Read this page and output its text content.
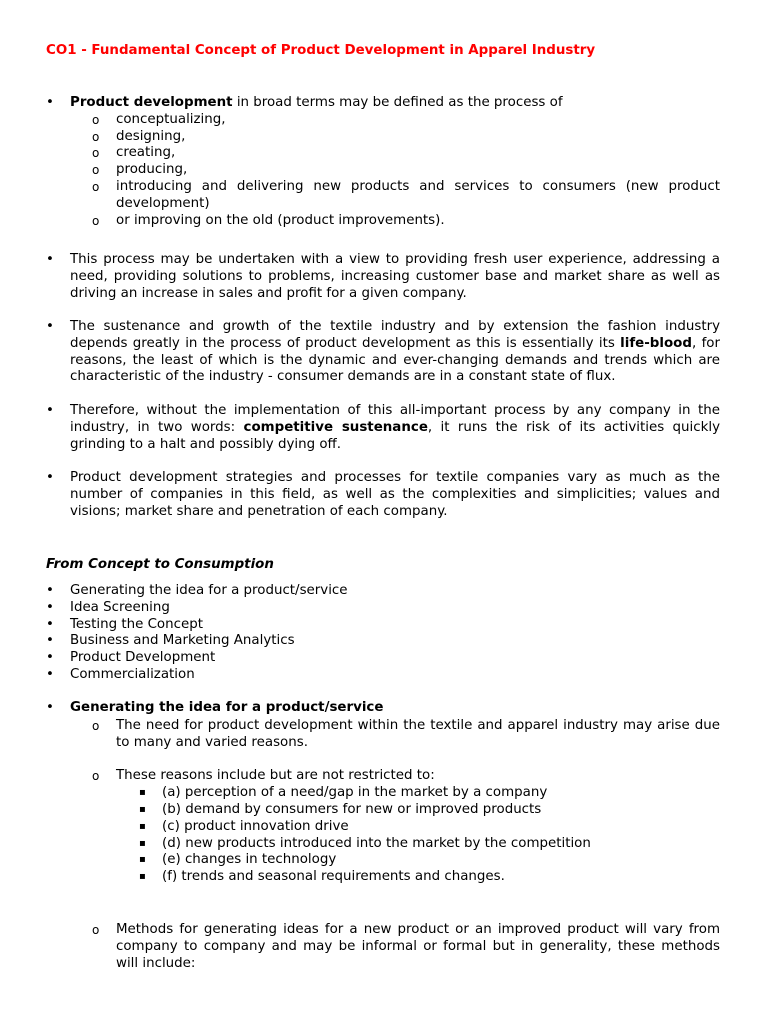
CO1 - Fundamental Concept of Product Development in Apparel Industry
• Product development in broad terms may be defined as the process of
o conceptualizing,
o designing,
o creating,
o producing,
o introducing and delivering new products and services to consumers (new product development)
o or improving on the old (product improvements).
• This process may be undertaken with a view to providing fresh user experience, addressing a need, providing solutions to problems, increasing customer base and market share as well as driving an increase in sales and profit for a given company.
• The sustenance and growth of the textile industry and by extension the fashion industry depends greatly in the process of product development as this is essentially its life-blood, for reasons, the least of which is the dynamic and ever-changing demands and trends which are characteristic of the industry - consumer demands are in a constant state of flux.
• Therefore, without the implementation of this all-important process by any company in the industry, in two words: competitive sustenance, it runs the risk of its activities quickly grinding to a halt and possibly dying off.
• Product development strategies and processes for textile companies vary as much as the number of companies in this field, as well as the complexities and simplicities; values and visions; market share and penetration of each company.
From Concept to Consumption
• Generating the idea for a product/service
• Idea Screening
• Testing the Concept
• Business and Marketing Analytics
• Product Development
• Commercialization
• Generating the idea for a product/service
o The need for product development within the textile and apparel industry may arise due to many and varied reasons.
o These reasons include but are not restricted to:
▪ (a) perception of a need/gap in the market by a company
▪ (b) demand by consumers for new or improved products
▪ (c) product innovation drive
▪ (d) new products introduced into the market by the competition
▪ (e) changes in technology
▪ (f) trends and seasonal requirements and changes.
o Methods for generating ideas for a new product or an improved product will vary from company to company and may be informal or formal but in generality, these methods will include:
